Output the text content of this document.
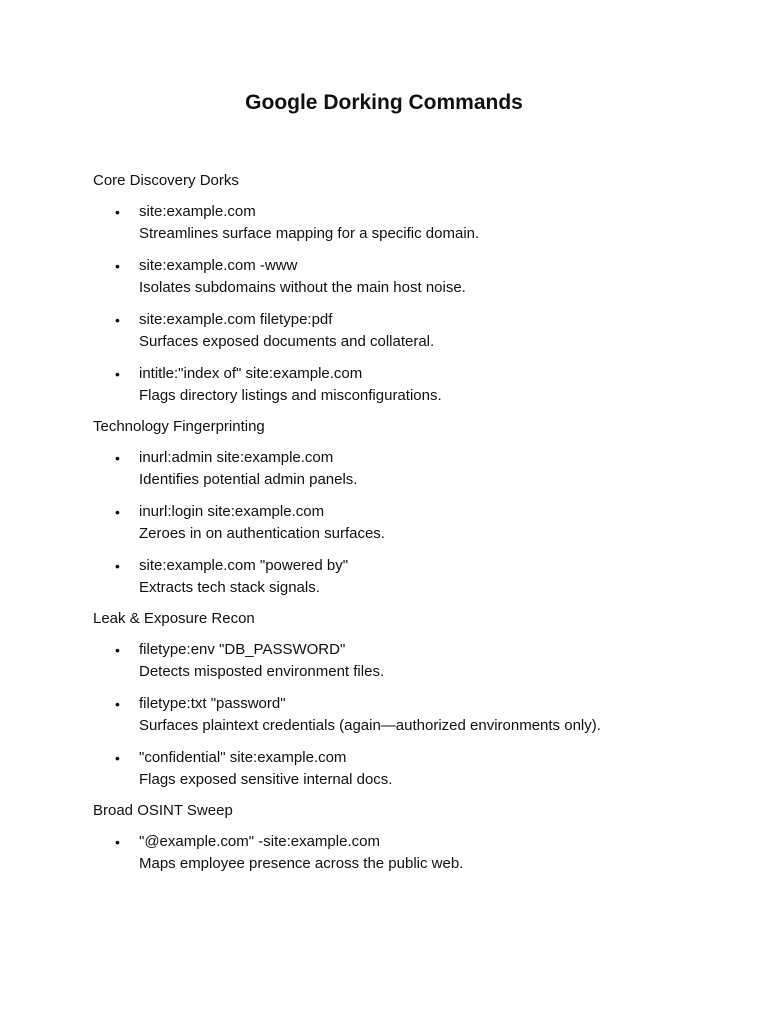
Google Dorking Commands

Core Discovery Dorks

• site:example.com
Streamlines surface mapping for a specific domain.
• site:example.com -www
Isolates subdomains without the main host noise.
• site:example.com filetype:pdf
Surfaces exposed documents and collateral.
• intitle:"index of" site:example.com
Flags directory listings and misconfigurations.

Technology Fingerprinting

• inurl:admin site:example.com
Identifies potential admin panels.
• inurl:login site:example.com
Zeroes in on authentication surfaces.
• site:example.com "powered by"
Extracts tech stack signals.

Leak & Exposure Recon

• filetype:env "DB_PASSWORD"
Detects misposted environment files.
• filetype:txt "password"
Surfaces plaintext credentials (again—authorized environments only).
• "confidential" site:example.com
Flags exposed sensitive internal docs.

Broad OSINT Sweep

• "@example.com" -site:example.com
Maps employee presence across the public web.
